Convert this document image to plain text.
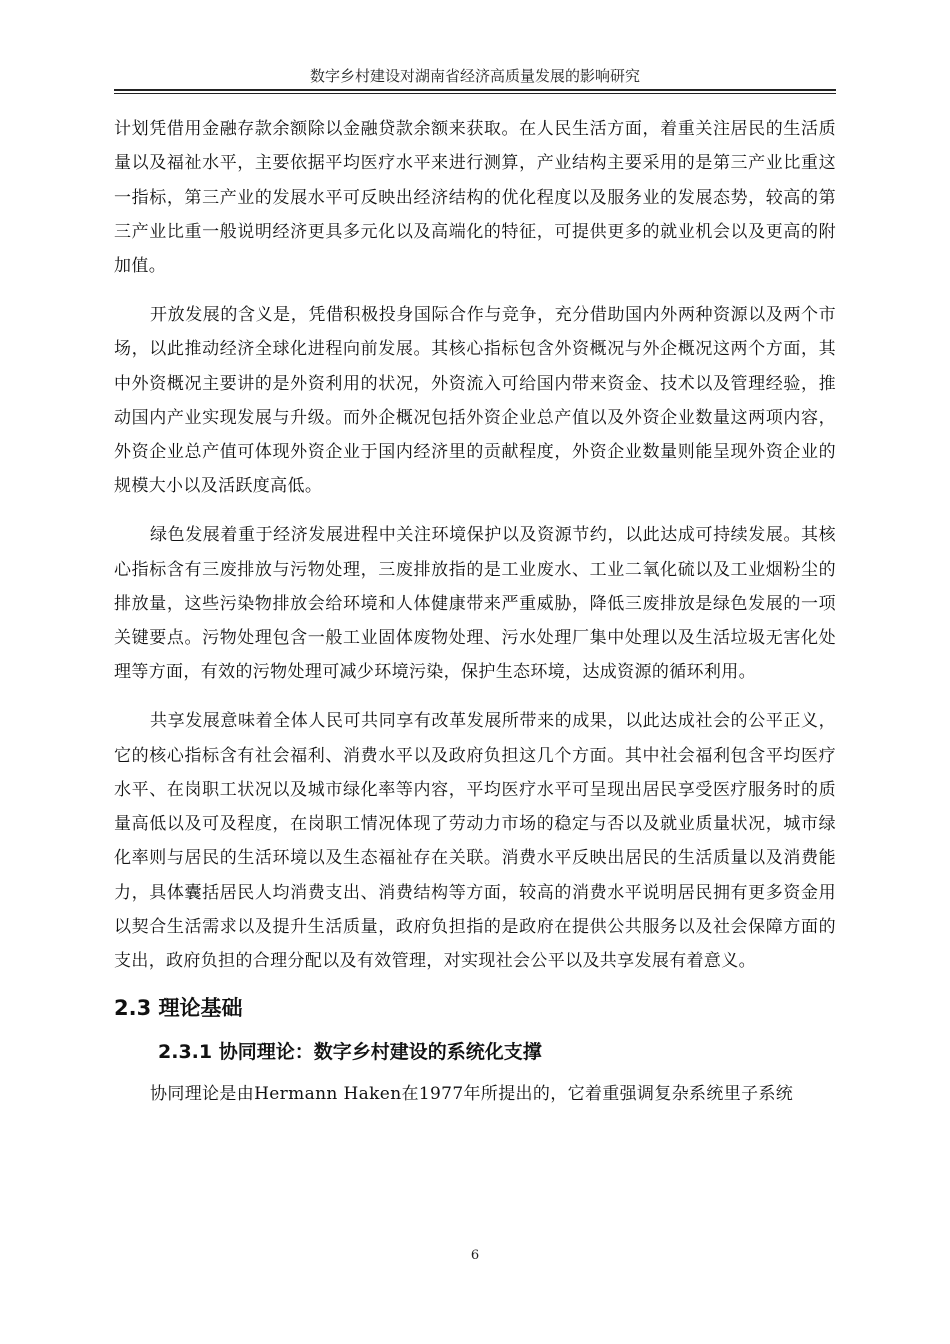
数字乡村建设对湖南省经济高质量发展的影响研究

计划凭借用金融存款余额除以金融贷款余额来获取。在人民生活方面，着重关注居民的生活质量以及福祉水平，主要依据平均医疗水平来进行测算，产业结构主要采用的是第三产业比重这一指标，第三产业的发展水平可反映出经济结构的优化程度以及服务业的发展态势，较高的第三产业比重一般说明经济更具多元化以及高端化的特征，可提供更多的就业机会以及更高的附加值。

开放发展的含义是，凭借积极投身国际合作与竞争，充分借助国内外两种资源以及两个市场，以此推动经济全球化进程向前发展。其核心指标包含外资概况与外企概况这两个方面，其中外资概况主要讲的是外资利用的状况，外资流入可给国内带来资金、技术以及管理经验，推动国内产业实现发展与升级。而外企概况包括外资企业总产值以及外资企业数量这两项内容，外资企业总产值可体现外资企业于国内经济里的贡献程度，外资企业数量则能呈现外资企业的规模大小以及活跃度高低。

绿色发展着重于经济发展进程中关注环境保护以及资源节约，以此达成可持续发展。其核心指标含有三废排放与污物处理，三废排放指的是工业废水、工业二氧化硫以及工业烟粉尘的排放量，这些污染物排放会给环境和人体健康带来严重威胁，降低三废排放是绿色发展的一项关键要点。污物处理包含一般工业固体废物处理、污水处理厂集中处理以及生活垃圾无害化处理等方面，有效的污物处理可减少环境污染，保护生态环境，达成资源的循环利用。

共享发展意味着全体人民可共同享有改革发展所带来的成果，以此达成社会的公平正义，它的核心指标含有社会福利、消费水平以及政府负担这几个方面。其中社会福利包含平均医疗水平、在岗职工状况以及城市绿化率等内容，平均医疗水平可呈现出居民享受医疗服务时的质量高低以及可及程度，在岗职工情况体现了劳动力市场的稳定与否以及就业质量状况，城市绿化率则与居民的生活环境以及生态福祉存在关联。消费水平反映出居民的生活质量以及消费能力，具体囊括居民人均消费支出、消费结构等方面，较高的消费水平说明居民拥有更多资金用以契合生活需求以及提升生活质量，政府负担指的是政府在提供公共服务以及社会保障方面的支出，政府负担的合理分配以及有效管理，对实现社会公平以及共享发展有着意义。

2.3 理论基础
2.3.1 协同理论：数字乡村建设的系统化支撑

协同理论是由Hermann Haken在1977年所提出的，它着重强调复杂系统里子系统

6
